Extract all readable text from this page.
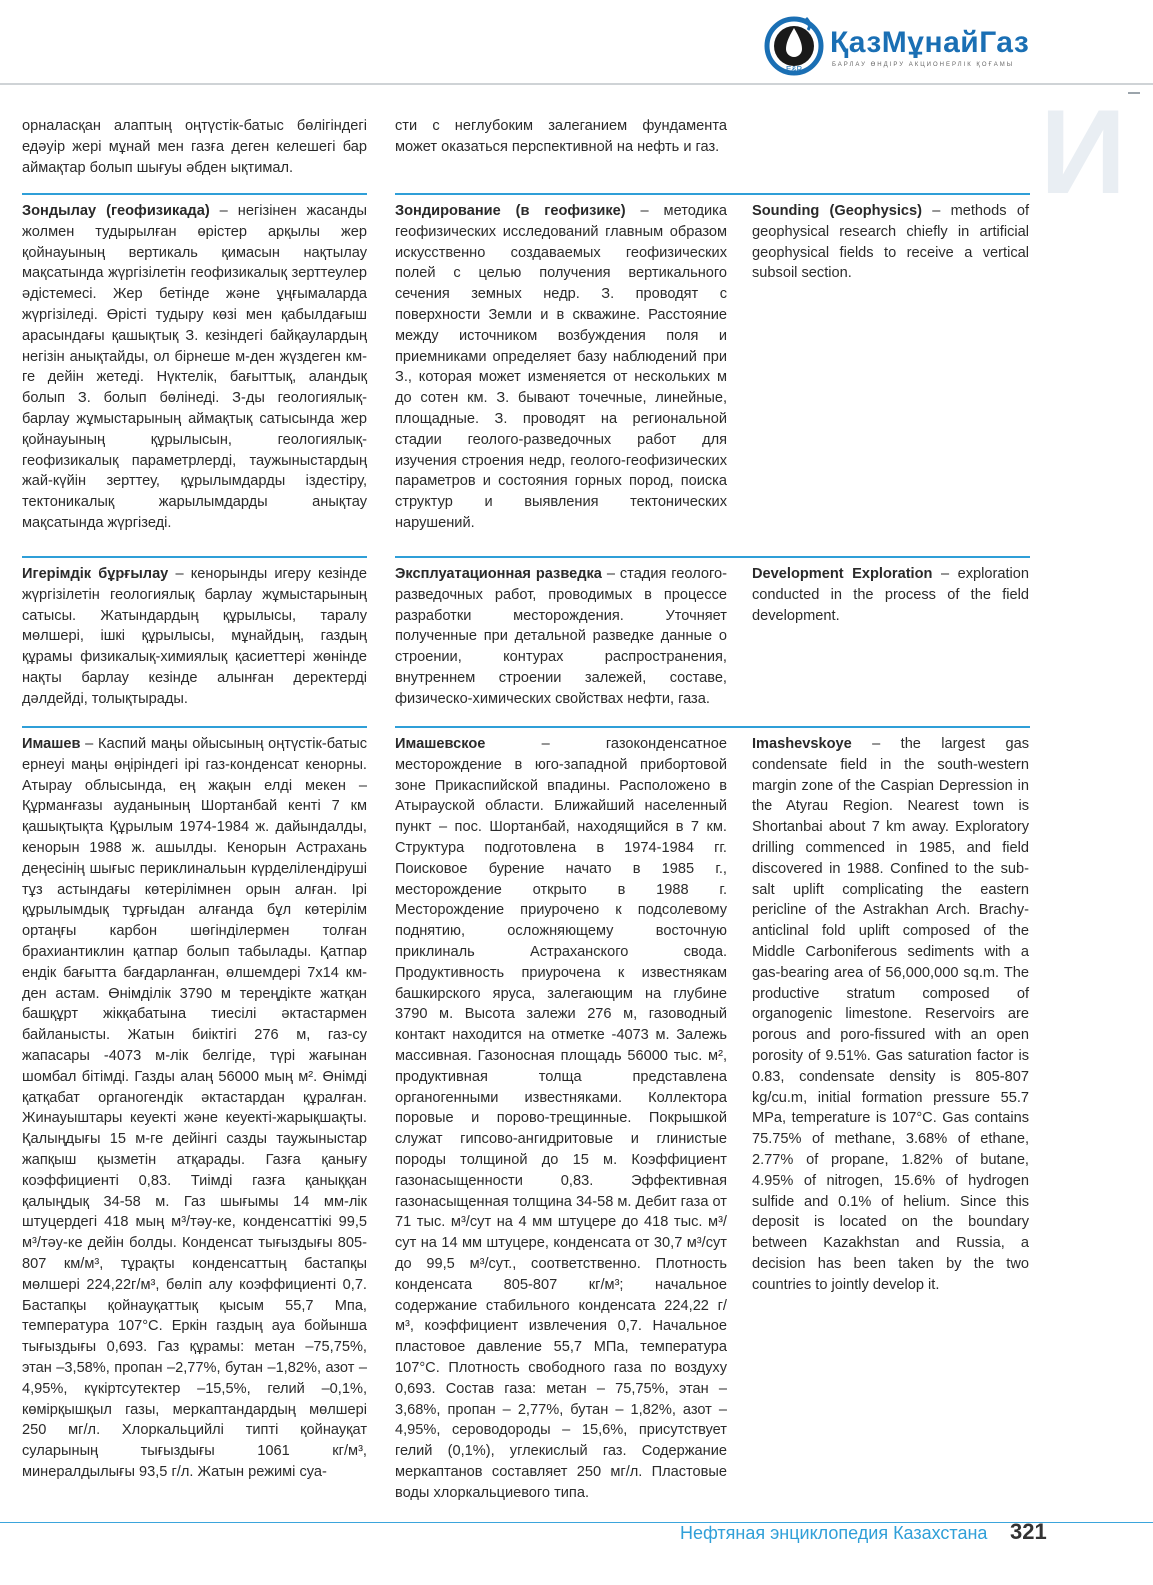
E&P
ҚазМұнайГаз
БАРЛАУ ӨНДІРУ АКЦИОНЕРЛІК ҚОҒАМЫ
И
орналасқан алаптың оңтүстік-батыс бөлігіндегі едәуір жері мұнай мен газға деген келешегі бар аймақтар болып шығуы әбден ықтимал.
сти с неглубоким залеганием фундамента может оказаться перспективной на нефть и газ.
Зондылау (геофизикада) – негізінен жасанды жолмен тудырылған өрістер арқылы жер қойнауының вертикаль қимасын нақтылау мақсатында жүргізілетін геофизикалық зерттеулер әдістемесі. Жер бетінде және ұңғымаларда жүргізіледі. Өрісті тудыру көзі мен қабылдағыш арасындағы қашықтық З. кезіндегі байқаулардың негізін анықтайды, ол бірнеше м-ден жүздеген км-ге дейін жетеді. Нүктелік, бағыттық, аландық болып З. болып бөлінеді. З-ды геологиялық-барлау жұмыстарының аймақтық сатысында жер қойнауының құрылысын, геологиялық-геофизикалық параметрлерді, таужыныстардың жай-күйін зерттеу, құрылымдарды іздестіру, тектоникалық жарылымдарды анықтау мақсатында жүргізеді.
Зондирование (в геофизике) – методика геофизических исследований главным образом искусственно создаваемых геофизических полей с целью получения вертикального сечения земных недр. З. проводят с поверхности Земли и в скважине. Расстояние между источником возбуждения поля и приемниками определяет базу наблюдений при З., которая может изменяется от нескольких м до сотен км. З. бывают точечные, линейные, площадные. З. проводят на региональной стадии геолого-разведочных работ для изучения строения недр, геолого-геофизических параметров и состояния горных пород, поиска структур и выявления тектонических нарушений.
Sounding (Geophysics) – methods of geophysical research chiefly in artificial geophysical fields to receive a vertical subsoil section.
Игерімдік бұрғылау – кенорынды игеру кезінде жүргізілетін геологиялық барлау жұмыстарының сатысы. Жатындардың құрылысы, таралу мөлшері, ішкі құрылысы, мұнайдың, газдың құрамы физикалық-химиялық қасиеттері жөнінде нақты барлау кезінде алынған деректерді дәлдейді, толықтырады.
Эксплуатационная разведка – стадия геолого-разведочных работ, проводимых в процессе разработки месторождения. Уточняет полученные при детальной разведке данные о строении, контурах распространения, внутреннем строении залежей, составе, физическо-химических свойствах нефти, газа.
Development Exploration – exploration conducted in the process of the field development.
Имашев – Каспий маңы ойысының оңтүстік-батыс ернеуі маңы өңіріндегі ірі газ-конденсат кенорны. Атырау облысында, ең жақын елді мекен – Құрманғазы ауданының Шортанбай кенті 7 км қашықтықта Құрылым 1974-1984 ж. дайындалды, кенорын 1988 ж. ашылды. Кенорын Астрахань деңесінің шығыс периклинальын күрделілендіруші тұз астындағы көтерілімнен орын алған. Ірі құрылымдық тұрғыдан алғанда бұл көтерілім ортаңғы карбон шөгінділермен толған брахиантиклин қатпар болып табылады. Қатпар ендік бағытта бағдарланған, өлшемдері 7х14 км-ден астам. Өнімділік 3790 м тереңдікте жатқан башқұрт жікқабатына тиесілі әктастармен байланысты. Жатын биіктігі 276 м, газ-су жапасары -4073 м-лік белгіде, түрі жағынан шомбал бітімді. Газды алаң 56000 мың м². Өнімді қатқабат органогендік әктастардан құралған. Жинауыштары кеуекті және кеуекті-жарықшақты. Қалыңдығы 15 м-ге дейінгі сазды таужыныстар жапқыш қызметін атқарады. Газға қанығу коэффициенті 0,83. Тиімді газға қаныққан қалыңдық 34-58 м. Газ шығымы 14 мм-лік штуцердегі 418 мың м³/тәу-ке, конденсаттікі 99,5 м³/тәу-ке дейін болды. Конденсат тығыздығы 805-807 км/м³, тұрақты конденсаттың бастапқы мөлшері 224,22г/м³, бөліп алу коэффициенті 0,7. Бастапқы қойнауқаттық қысым 55,7 Мпа, температура 107°С. Еркін газдың ауа бойынша тығыздығы 0,693. Газ құрамы: метан –75,75%, этан –3,58%, пропан –2,77%, бутан –1,82%, азот – 4,95%, күкіртсутектер –15,5%, гелий –0,1%, көмірқышқыл газы, меркаптандардың мөлшері 250 мг/л. Хлоркальцийлі типті қойнауқат суларының тығыздығы 1061 кг/м³, минералдылығы 93,5 г/л. Жатын режимі суа-
Имашевское – газоконденсатное месторождение в юго-западной прибортовой зоне Прикаспийской впадины. Расположено в Атырауской области. Ближайший населенный пункт – пос. Шортанбай, находящийся в 7 км. Структура подготовлена в 1974-1984 гг. Поисковое бурение начато в 1985 г., месторождение открыто в 1988 г. Месторождение приурочено к подсолевому поднятию, осложняющему восточную приклиналь Астраханского свода. Продуктивность приурочена к известнякам башкирского яруса, залегающим на глубине 3790 м. Высота залежи 276 м, газоводный контакт находится на отметке -4073 м. Залежь массивная. Газоносная площадь 56000 тыс. м², продуктивная толща представлена органогенными известняками. Коллектора поровые и порово-трещинные. Покрышкой служат гипсово-ангидритовые и глинистые породы толщиной до 15 м. Коэффициент газонасыщенности 0,83. Эффективная газонасыщенная толщина 34-58 м. Дебит газа от 71 тыс. м³/сут на 4 мм штуцере до 418 тыс. м³/сут на 14 мм штуцере, конденсата от 30,7 м³/сут до 99,5 м³/сут., соответственно. Плотность конденсата 805-807 кг/м³; начальное содержание стабильного конденсата 224,22 г/м³, коэффициент извлечения 0,7. Начальное пластовое давление 55,7 МПа, температура 107°С. Плотность свободного газа по воздуху 0,693. Состав газа: метан – 75,75%, этан – 3,68%, пропан – 2,77%, бутан – 1,82%, азот – 4,95%, сероводороды – 15,6%, присутствует гелий (0,1%), углекислый газ. Содержание меркаптанов составляет 250 мг/л. Пластовые воды хлоркальциевого типа.
Imashevskoye – the largest gas condensate field in the south-western margin zone of the Caspian Depression in the Atyrau Region. Nearest town is Shortanbai about 7 km away. Exploratory drilling commenced in 1985, and field discovered in 1988. Confined to the sub-salt uplift complicating the eastern pericline of the Astrakhan Arch. Brachy-anticlinal fold uplift composed of the Middle Carboniferous sediments with a gas-bearing area of 56,000,000 sq.m. The productive stratum composed of organogenic limestone. Reservoirs are porous and poro-fissured with an open porosity of 9.51%. Gas saturation factor is 0.83, condensate density is 805-807 kg/cu.m, initial formation pressure 55.7 MPa, temperature is 107°C. Gas contains 75.75% of methane, 3.68% of ethane, 2.77% of propane, 1.82% of butane, 4.95% of nitrogen, 15.6% of hydrogen sulfide and 0.1% of helium. Since this deposit is located on the boundary between Kazakhstan and Russia, a decision has been taken by the two countries to jointly develop it.
Нефтяная энциклопедия Казахстана 321
